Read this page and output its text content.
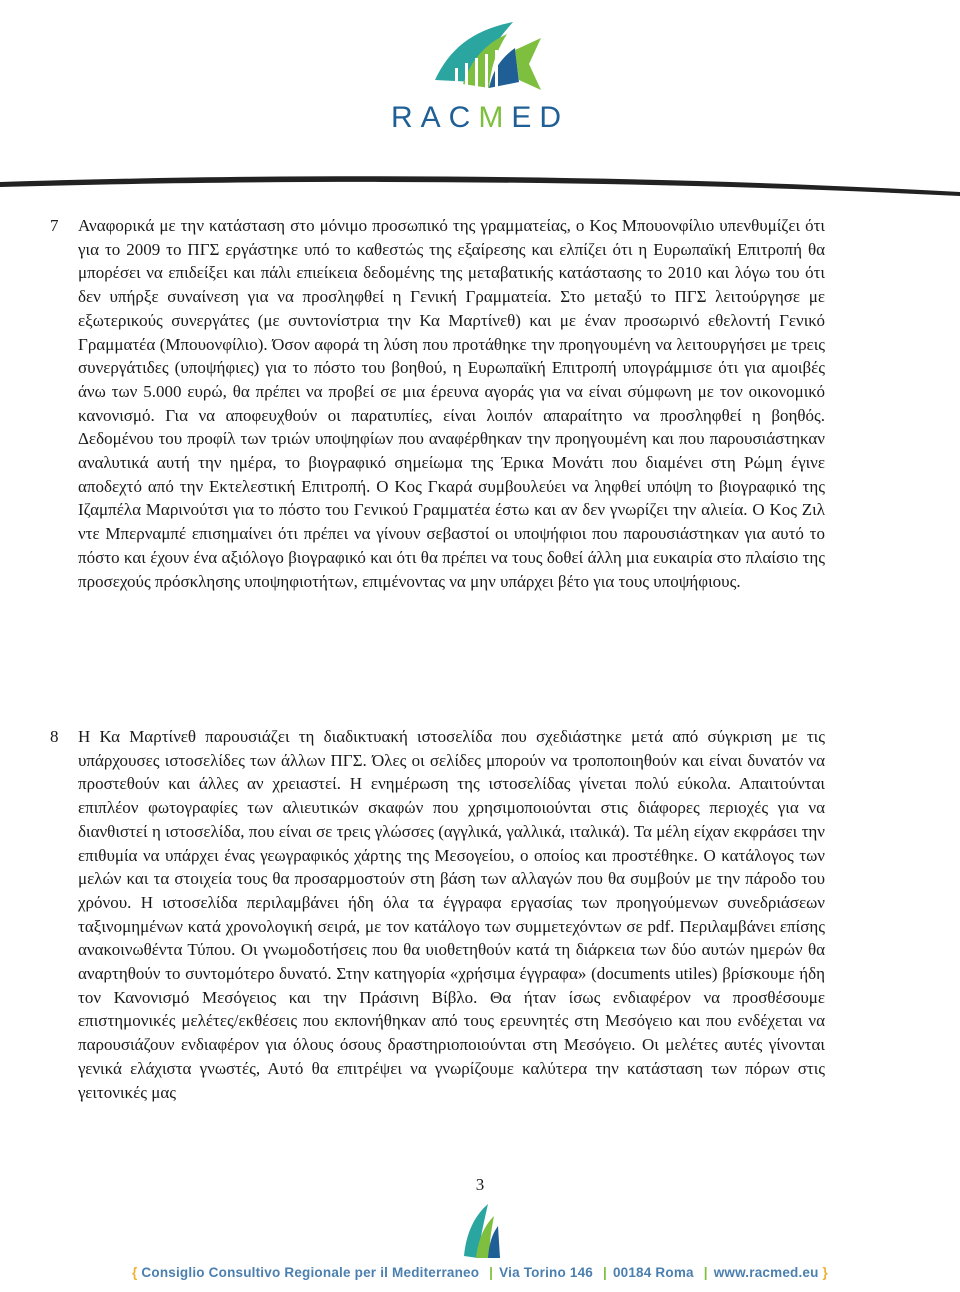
RACMED
7 Αναφορικά με την κατάσταση στο μόνιμο προσωπικό της γραμματείας, ο Κος Μπουονφίλιο υπενθυμίζει ότι για το 2009 το ΠΓΣ εργάστηκε υπό το καθεστώς της εξαίρεσης και ελπίζει ότι η Ευρωπαϊκή Επιτροπή θα μπορέσει να επιδείξει και πάλι επιείκεια δεδομένης της μεταβατικής κατάστασης το 2010 και λόγω του ότι δεν υπήρξε συναίνεση για να προσληφθεί η Γενική Γραμματεία. Στο μεταξύ το ΠΓΣ λειτούργησε με εξωτερικούς συνεργάτες (με συντονίστρια την Κα Μαρτίνεθ) και με έναν προσωρινό εθελοντή Γενικό Γραμματέα (Μπουονφίλιο). Όσον αφορά τη λύση που προτάθηκε την προηγουμένη να λειτουργήσει με τρεις συνεργάτιδες (υποψήφιες) για το πόστο του βοηθού, η Ευρωπαϊκή Επιτροπή υπογράμμισε ότι για αμοιβές άνω των 5.000 ευρώ, θα πρέπει να προβεί σε μια έρευνα αγοράς για να είναι σύμφωνη με τον οικονομικό κανονισμό. Για να αποφευχθούν οι παρατυπίες, είναι λοιπόν απαραίτητο να προσληφθεί η βοηθός. Δεδομένου του προφίλ των τριών υποψηφίων που αναφέρθηκαν την προηγουμένη και που παρουσιάστηκαν αναλυτικά αυτή την ημέρα, το βιογραφικό σημείωμα της Έρικα Μονάτι που διαμένει στη Ρώμη έγινε αποδεχτό από την Εκτελεστική Επιτροπή. Ο Κος Γκαρά συμβουλεύει να ληφθεί υπόψη το βιογραφικό της Ιζαμπέλα Μαρινούτσι για το πόστο του Γενικού Γραμματέα έστω και αν δεν γνωρίζει την αλιεία. Ο Κος Ζιλ ντε Μπερναμπέ επισημαίνει ότι πρέπει να γίνουν σεβαστοί οι υποψήφιοι που παρουσιάστηκαν για αυτό το πόστο και έχουν ένα αξιόλογο βιογραφικό και ότι θα πρέπει να τους δοθεί άλλη μια ευκαιρία στο πλαίσιο της προσεχούς πρόσκλησης υποψηφιοτήτων, επιμένοντας να μην υπάρχει βέτο για τους υποψήφιους.

8 Η Κα Μαρτίνεθ παρουσιάζει τη διαδικτυακή ιστοσελίδα που σχεδιάστηκε μετά από σύγκριση με τις υπάρχουσες ιστοσελίδες των άλλων ΠΓΣ. Όλες οι σελίδες μπορούν να τροποποιηθούν και είναι δυνατόν να προστεθούν και άλλες αν χρειαστεί. Η ενημέρωση της ιστοσελίδας γίνεται πολύ εύκολα. Απαιτούνται επιπλέον φωτογραφίες των αλιευτικών σκαφών που χρησιμοποιούνται στις διάφορες περιοχές για να διανθιστεί η ιστοσελίδα, που είναι σε τρεις γλώσσες (αγγλικά, γαλλικά, ιταλικά). Τα μέλη είχαν εκφράσει την επιθυμία να υπάρχει ένας γεωγραφικός χάρτης της Μεσογείου, ο οποίος και προστέθηκε. Ο κατάλογος των μελών και τα στοιχεία τους θα προσαρμοστούν στη βάση των αλλαγών που θα συμβούν με την πάροδο του χρόνου. Η ιστοσελίδα περιλαμβάνει ήδη όλα τα έγγραφα εργασίας των προηγούμενων συνεδριάσεων ταξινομημένων κατά χρονολογική σειρά, με τον κατάλογο των συμμετεχόντων σε pdf. Περιλαμβάνει επίσης ανακοινωθέντα Τύπου. Οι γνωμοδοτήσεις που θα υιοθετηθούν κατά τη διάρκεια των δύο αυτών ημερών θα αναρτηθούν το συντομότερο δυνατό. Στην κατηγορία «χρήσιμα έγγραφα» (documents utiles) βρίσκουμε ήδη τον Κανονισμό Μεσόγειος και την Πράσινη Βίβλο. Θα ήταν ίσως ενδιαφέρον να προσθέσουμε επιστημονικές μελέτες/εκθέσεις που εκπονήθηκαν από τους ερευνητές στη Μεσόγειο και που ενδέχεται να παρουσιάζουν ενδιαφέρον για όλους όσους δραστηριοποιούνται στη Μεσόγειο. Οι μελέτες αυτές γίνονται γενικά ελάχιστα γνωστές, Αυτό θα επιτρέψει να γνωρίζουμε καλύτερα την κατάσταση των πόρων στις γειτονικές μας

3
{ Consiglio Consultivo Regionale per il Mediterraneo | Via Torino 146 | 00184 Roma | www.racmed.eu }
